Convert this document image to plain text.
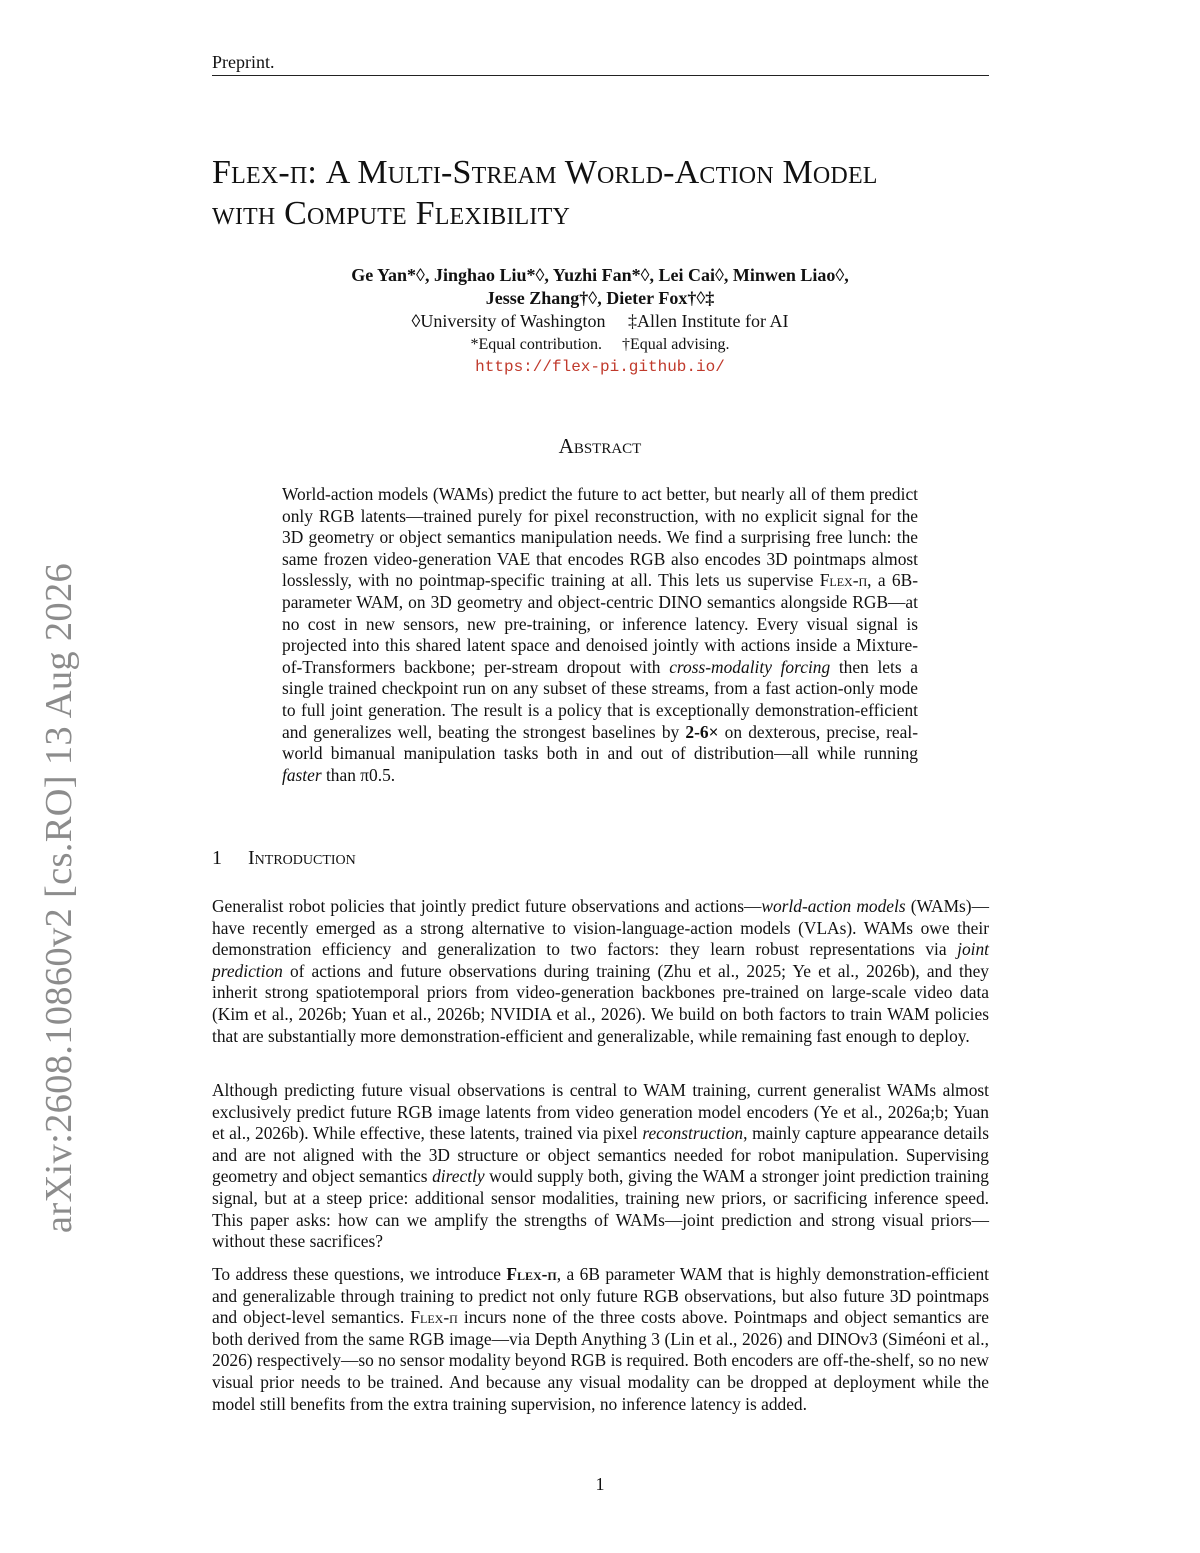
arXiv:2608.10860v2 [cs.RO] 13 Aug 2026
Preprint.
Flex-π: A Multi-Stream World-Action Model
with Compute Flexibility
Ge Yan*◊, Jinghao Liu*◊, Yuzhi Fan*◊, Lei Cai◊, Minwen Liao◊,
Jesse Zhang†◊, Dieter Fox†◊‡
◊University of Washington     ‡Allen Institute for AI
*Equal contribution.     †Equal advising.
https://flex-pi.github.io/
Abstract

World-action models (WAMs) predict the future to act better, but nearly all of them predict only RGB latents—trained purely for pixel reconstruction, with no explicit signal for the 3D geometry or object semantics manipulation needs. We find a surprising free lunch: the same frozen video-generation VAE that encodes RGB also encodes 3D pointmaps almost losslessly, with no pointmap-specific training at all. This lets us supervise Flex-π, a 6B-parameter WAM, on 3D geometry and object-centric DINO semantics alongside RGB—at no cost in new sensors, new pre-training, or inference latency. Every visual signal is projected into this shared latent space and denoised jointly with actions inside a Mixture-of-Transformers backbone; per-stream dropout with cross-modality forcing then lets a single trained checkpoint run on any subset of these streams, from a fast action-only mode to full joint generation. The result is a policy that is exceptionally demonstration-efficient and generalizes well, beating the strongest baselines by 2-6× on dexterous, precise, real-world bimanual manipulation tasks both in and out of distribution—all while running faster than π0.5.

1 Introduction

Generalist robot policies that jointly predict future observations and actions—world-action models (WAMs)—have recently emerged as a strong alternative to vision-language-action models (VLAs). WAMs owe their demonstration efficiency and generalization to two factors: they learn robust representations via joint prediction of actions and future observations during training (Zhu et al., 2025; Ye et al., 2026b), and they inherit strong spatiotemporal priors from video-generation backbones pre-trained on large-scale video data (Kim et al., 2026b; Yuan et al., 2026b; NVIDIA et al., 2026). We build on both factors to train WAM policies that are substantially more demonstration-efficient and generalizable, while remaining fast enough to deploy.

Although predicting future visual observations is central to WAM training, current generalist WAMs almost exclusively predict future RGB image latents from video generation model encoders (Ye et al., 2026a;b; Yuan et al., 2026b). While effective, these latents, trained via pixel reconstruction, mainly capture appearance details and are not aligned with the 3D structure or object semantics needed for robot manipulation. Supervising geometry and object semantics directly would supply both, giving the WAM a stronger joint prediction training signal, but at a steep price: additional sensor modalities, training new priors, or sacrificing inference speed. This paper asks: how can we amplify the strengths of WAMs—joint prediction and strong visual priors—without these sacrifices?

To address these questions, we introduce Flex-π, a 6B parameter WAM that is highly demonstration-efficient and generalizable through training to predict not only future RGB observations, but also future 3D pointmaps and object-level semantics. Flex-π incurs none of the three costs above. Pointmaps and object semantics are both derived from the same RGB image—via Depth Anything 3 (Lin et al., 2026) and DINOv3 (Siméoni et al., 2026) respectively—so no sensor modality beyond RGB is required. Both encoders are off-the-shelf, so no new visual prior needs to be trained. And because any visual modality can be dropped at deployment while the model still benefits from the extra training supervision, no inference latency is added.

1
